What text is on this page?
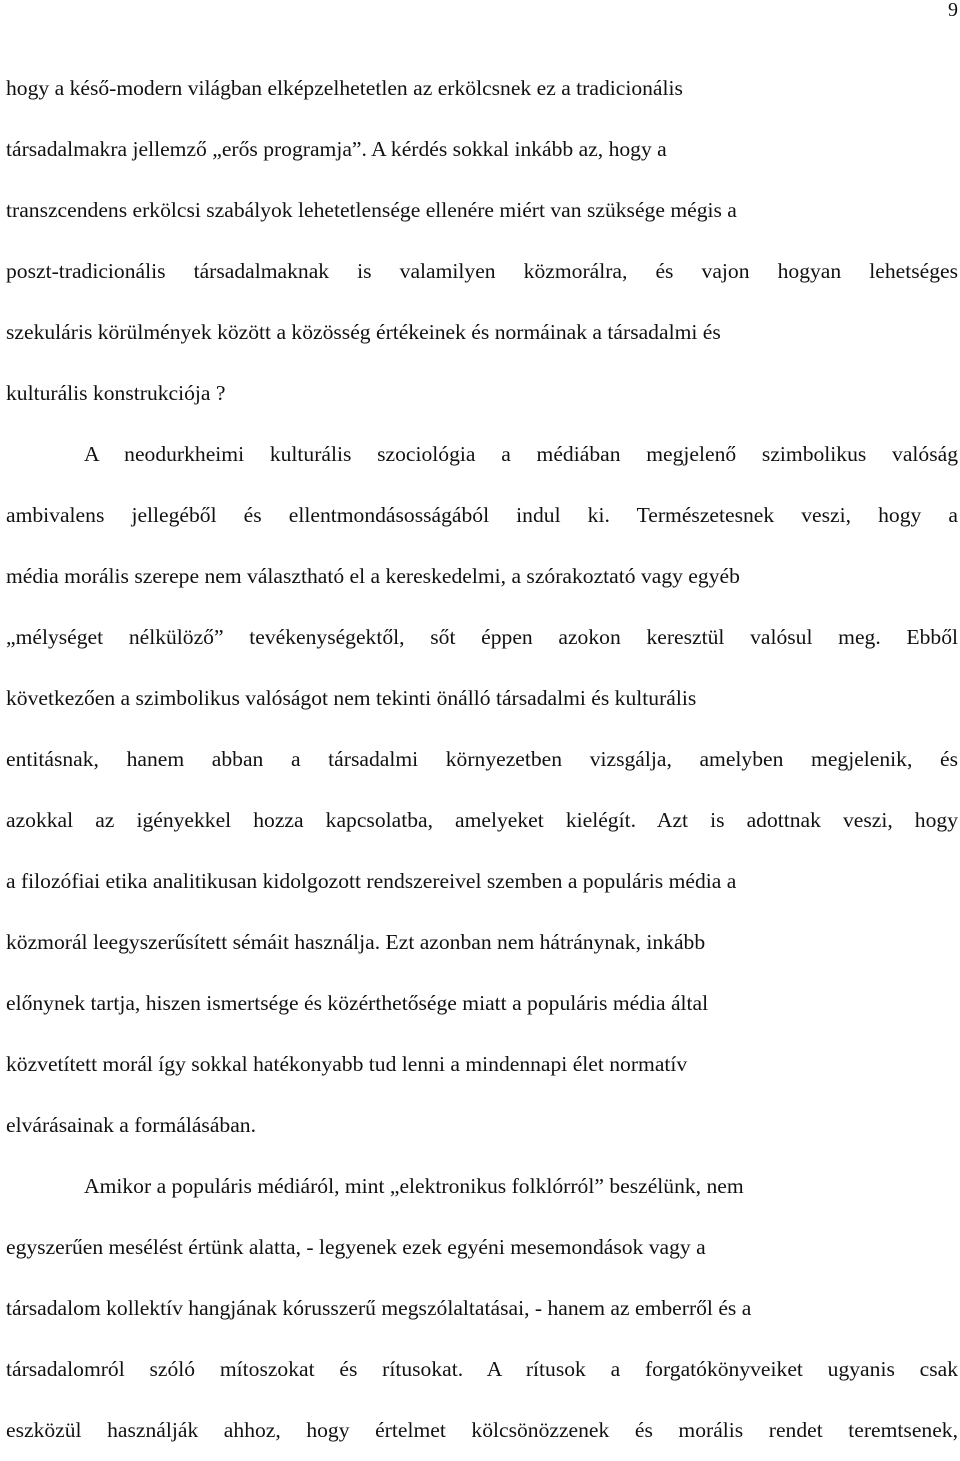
9
hogy a késő-modern világban elképzelhetetlen az erkölcsnek ez a tradicionális
társadalmakra jellemző „erős programja”. A kérdés sokkal inkább az, hogy a
transzcendens erkölcsi szabályok lehetetlensége ellenére miért van szüksége mégis a
poszt-tradicionális társadalmaknak is valamilyen közmorálra, és vajon hogyan lehetséges
szekuláris körülmények között a közösség értékeinek és normáinak a társadalmi és
kulturális konstrukciója ?
A neodurkheimi kulturális szociológia a médiában megjelenő szimbolikus valóság
ambivalens jellegéből és ellentmondásosságából indul ki. Természetesnek veszi, hogy a
média morális szerepe nem választható el a kereskedelmi, a szórakoztató vagy egyéb
„mélységet nélkülöző” tevékenységektől, sőt éppen azokon keresztül valósul meg. Ebből
következően a szimbolikus valóságot nem tekinti önálló társadalmi és kulturális
entitásnak, hanem abban a társadalmi környezetben vizsgálja, amelyben megjelenik, és
azokkal az igényekkel hozza kapcsolatba, amelyeket kielégít. Azt is adottnak veszi, hogy
a filozófiai etika analitikusan kidolgozott rendszereivel szemben a populáris média a
közmorál leegyszerűsített sémáit használja. Ezt azonban nem hátránynak, inkább
előnynek tartja, hiszen ismertsége és közérthetősége miatt a populáris média által
közvetített morál így sokkal hatékonyabb tud lenni a mindennapi élet normatív
elvárásainak a formálásában.
Amikor a populáris médiáról, mint „elektronikus folklórról” beszélünk, nem
egyszerűen mesélést értünk alatta, - legyenek ezek egyéni mesemondások vagy a
társadalom kollektív hangjának kórusszerű megszólaltatásai, - hanem az emberről és a
társadalomról szóló mítoszokat és rítusokat. A rítusok a forgatókönyveiket ugyanis csak
eszközül használják ahhoz, hogy értelmet kölcsönözzenek és morális rendet teremtsenek,
